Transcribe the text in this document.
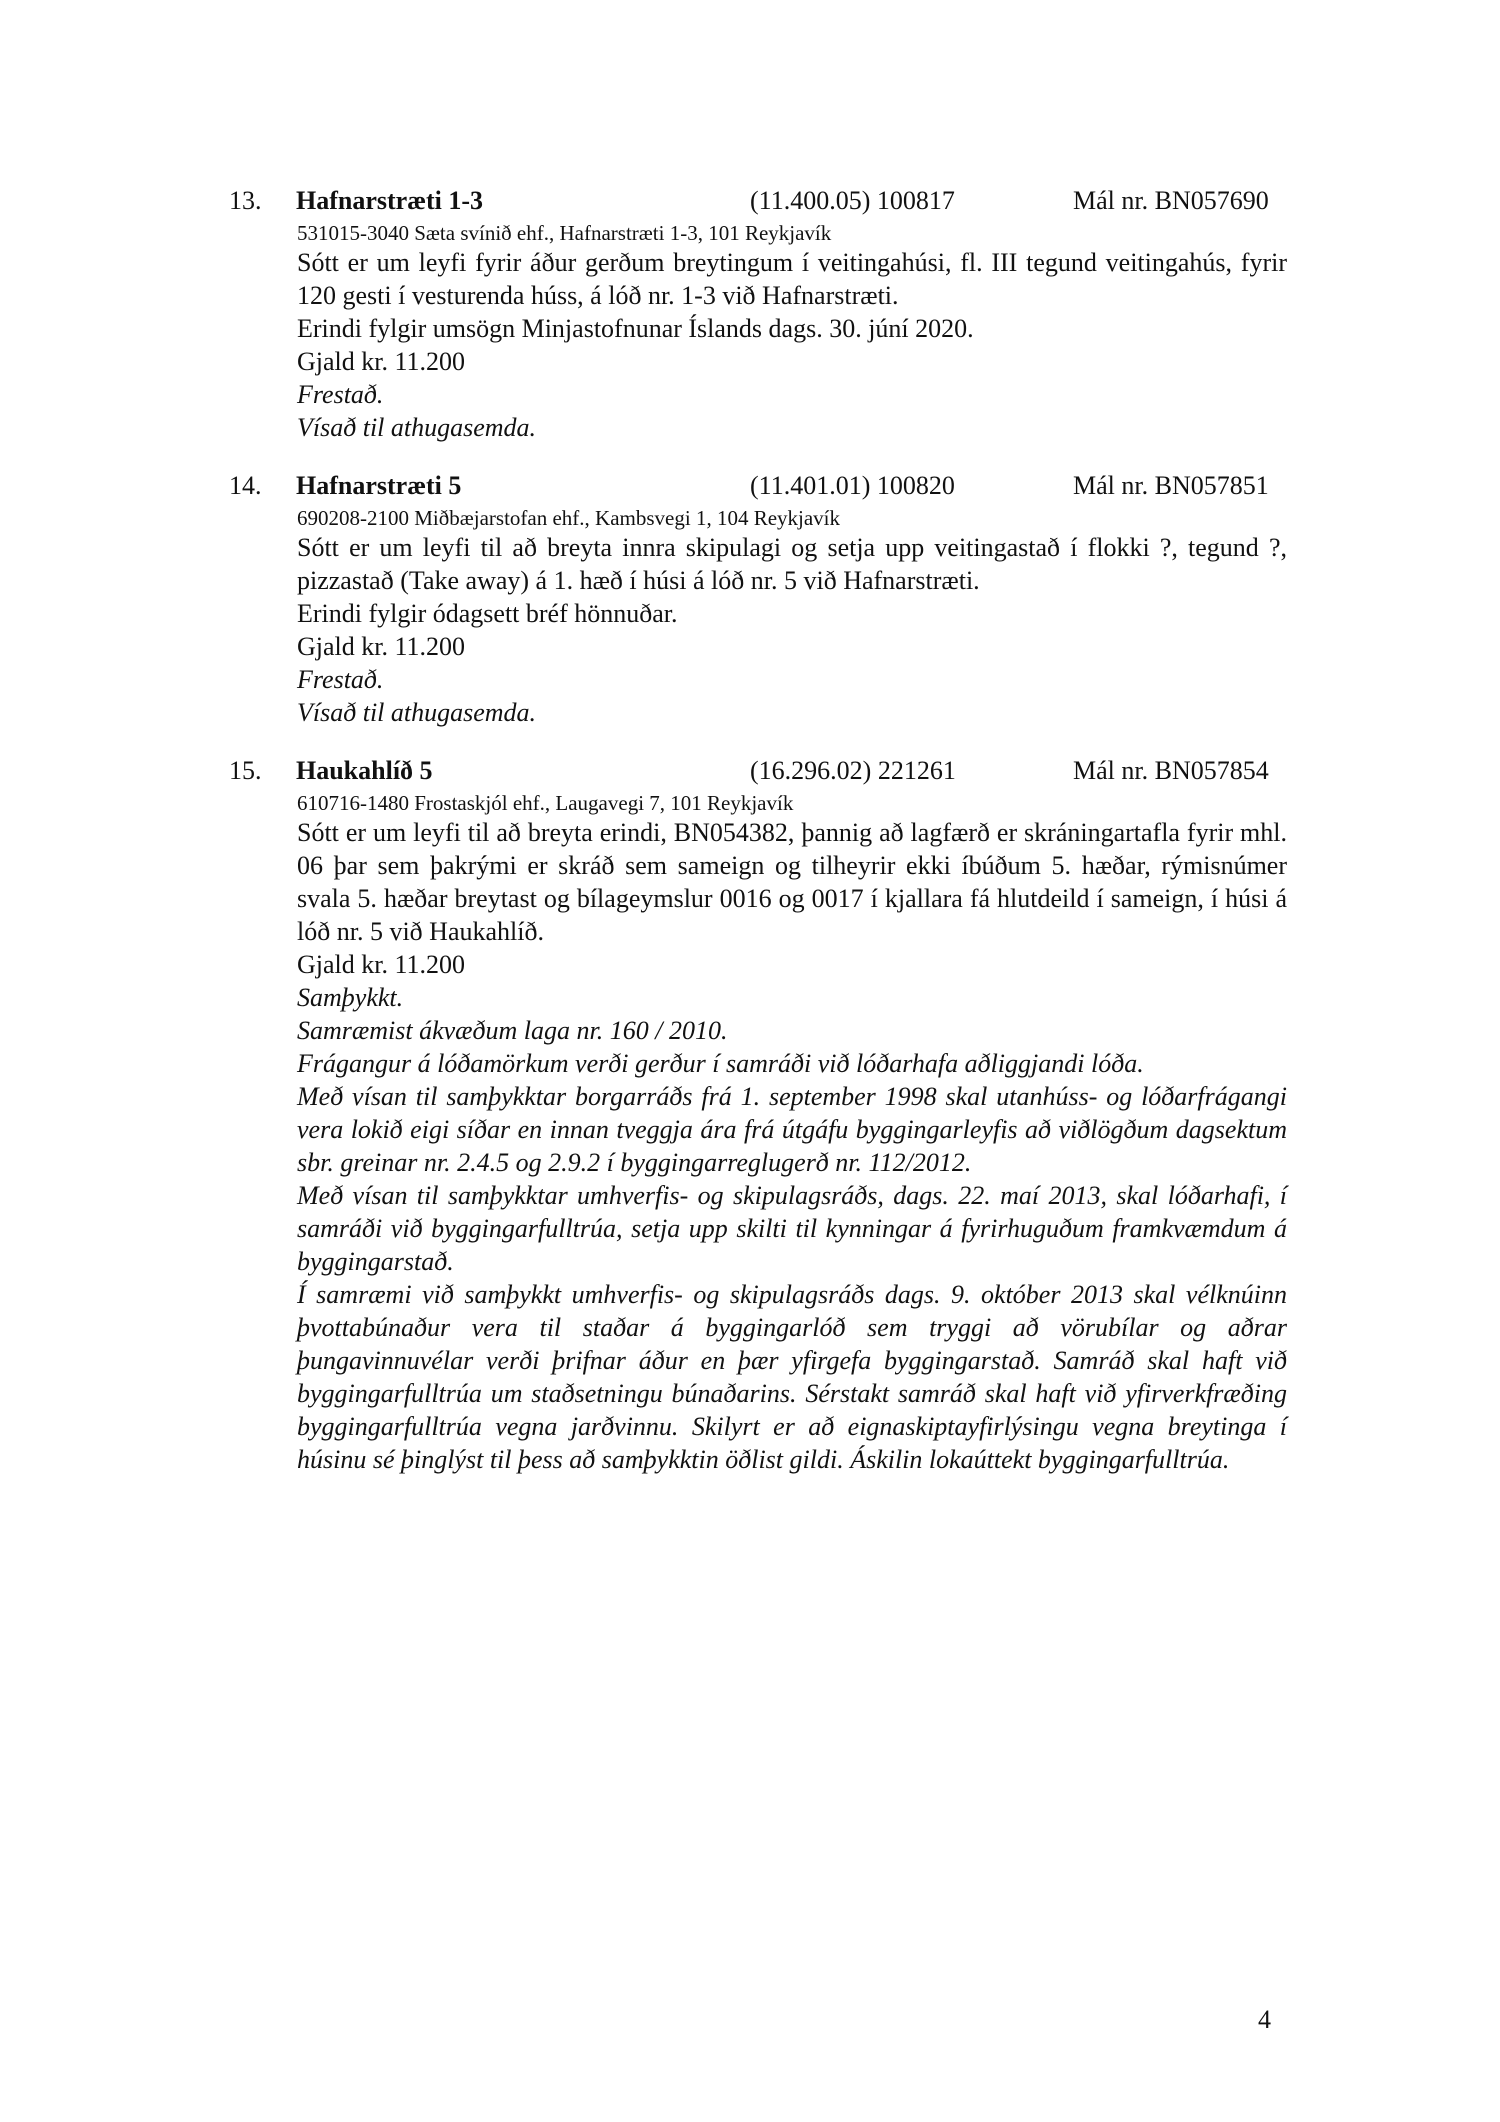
13. Hafnarstræti 1-3	(11.400.05) 100817	Mál nr. BN057690
531015-3040 Sæta svínið ehf., Hafnarstræti 1-3, 101 Reykjavík

Sótt er um leyfi fyrir áður gerðum breytingum í veitingahúsi, fl. III tegund veitingahús, fyrir 120 gesti í vesturenda húss, á lóð nr. 1-3 við Hafnarstræti.

Erindi fylgir umsögn Minjastofnunar Íslands dags. 30. júní 2020.
Gjald kr. 11.200
Frestað.
Vísað til athugasemda.
14. Hafnarstræti 5	(11.401.01) 100820	Mál nr. BN057851
690208-2100 Miðbæjarstofan ehf., Kambsvegi 1, 104 Reykjavík

Sótt er um leyfi til að breyta innra skipulagi og setja upp veitingastað í flokki ?, tegund ?, pizzastað (Take away) á 1. hæð í húsi á lóð nr. 5 við Hafnarstræti.

Erindi fylgir ódagsett bréf hönnuðar.
Gjald kr. 11.200
Frestað.
Vísað til athugasemda.
15. Haukahlíð 5	(16.296.02) 221261	Mál nr. BN057854
610716-1480 Frostaskjól ehf., Laugavegi 7, 101 Reykjavík

Sótt er um leyfi til að breyta erindi, BN054382, þannig að lagfærð er skráningartafla fyrir mhl. 06 þar sem þakrými er skráð sem sameign og tilheyrir ekki íbúðum 5. hæðar, rýmisnúmer svala 5. hæðar breytast og bílageymslur 0016 og 0017 í kjallara fá hlutdeild í sameign, í húsi á lóð nr. 5 við Haukahlíð.

Gjald kr. 11.200
Samþykkt.
Samræmist ákvæðum laga nr. 160 / 2010.
Frágangur á lóðamörkum verði gerður í samráði við lóðarhafa aðliggjandi lóða.
Með vísan til samþykktar borgarráðs frá 1. september 1998 skal utanhúss- og lóðarfrágangi vera lokið eigi síðar en innan tveggja ára frá útgáfu byggingarleyfis að viðlögðum dagsektum sbr. greinar nr. 2.4.5 og 2.9.2 í byggingarreglugerð nr. 112/2012.
Með vísan til samþykktar umhverfis- og skipulagsráðs, dags. 22. maí 2013, skal lóðarhafi, í samráði við byggingarfulltrúa, setja upp skilti til kynningar á fyrirhuguðum framkvæmdum á byggingarstað.
Í samræmi við samþykkt umhverfis- og skipulagsráðs dags. 9. október 2013 skal vélknúinn þvottabúnaður vera til staðar á byggingarlóð sem tryggi að vörubílar og aðrar þungavinnuvélar verði þrifnar áður en þær yfirgefa byggingarstað. Samráð skal haft við byggingarfulltrúa um staðsetningu búnaðarins. Sérstakt samráð skal haft við yfirverkfræðing byggingarfulltrúa vegna jarðvinnu. Skilyrt er að eignaskiptayfirlýsingu vegna breytinga í húsinu sé þinglýst til þess að samþykktin öðlist gildi. Áskilin lokaúttekt byggingarfulltrúa.
4
